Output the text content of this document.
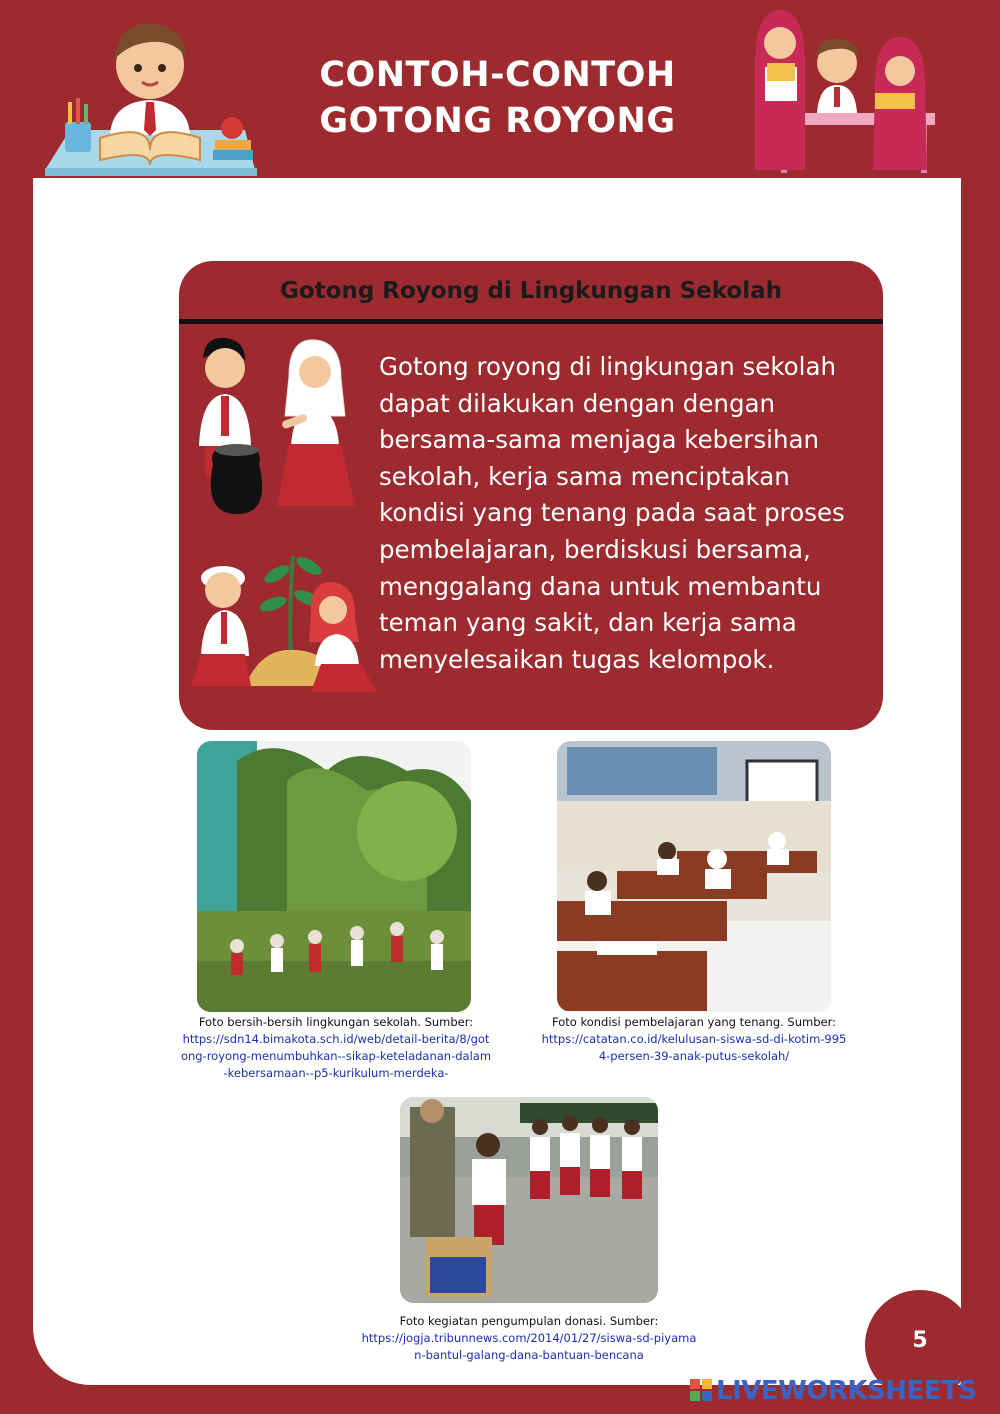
CONTOH-CONTOH
GOTONG ROYONG
Gotong Royong di Lingkungan Sekolah
Gotong royong di lingkungan sekolah dapat dilakukan dengan dengan bersama-sama menjaga kebersihan sekolah, kerja sama menciptakan kondisi yang tenang pada saat proses pembelajaran, berdiskusi bersama, menggalang dana untuk membantu teman yang sakit, dan kerja sama menyelesaikan tugas kelompok.
Foto bersih-bersih lingkungan sekolah. Sumber:
https://sdn14.bimakota.sch.id/web/detail-berita/8/gotong-royong-menumbuhkan--sikap-keteladanan-dalam-kebersamaan--p5-kurikulum-merdeka-
Foto kondisi pembelajaran yang tenang. Sumber:
https://catatan.co.id/kelulusan-siswa-sd-di-kotim-9954-persen-39-anak-putus-sekolah/
Foto kegiatan pengumpulan donasi. Sumber:
https://jogja.tribunnews.com/2014/01/27/siswa-sd-piyaman-bantul-galang-dana-bantuan-bencana
5
LIVEWORKSHEETS
